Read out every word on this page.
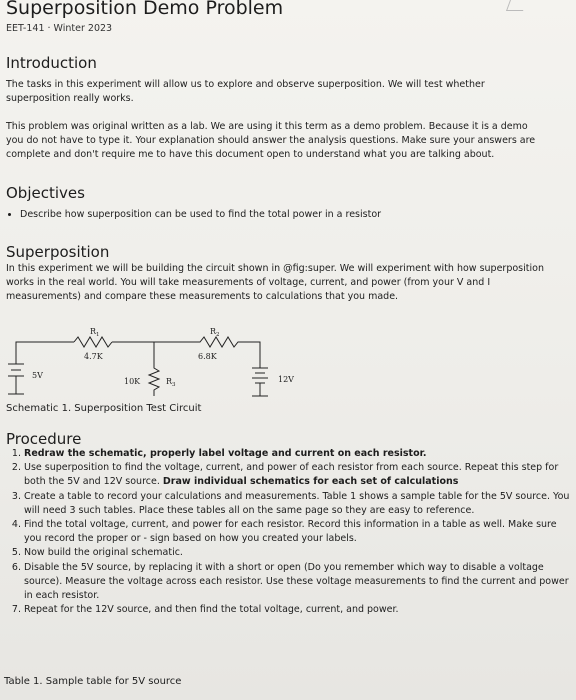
Superposition Demo Problem
EET-141 · Winter 2023
Introduction

The tasks in this experiment will allow us to explore and observe superposition. We will test whether superposition really works.

This problem was original written as a lab. We are using it this term as a demo problem. Because it is a demo you do not have to type it. Your explanation should answer the analysis questions. Make sure your answers are complete and don't require me to have this document open to understand what you are talking about.

Objectives
• Describe how superposition can be used to find the total power in a resistor
Superposition

In this experiment we will be building the circuit shown in @fig:super. We will experiment with how superposition works in the real world. You will take measurements of voltage, current, and power (from your V and I measurements) and compare these measurements to calculations that you made.

$R_1$
4.7K
$R_2$
6.8K
10K	$R_3$
5V	12V
Schematic 1. Superposition Test Circuit
Procedure
1. Redraw the schematic, properly label voltage and current on each resistor.
2. Use superposition to find the voltage, current, and power of each resistor from each source. Repeat this step for both the 5V and 12V source. Draw individual schematics for each set of calculations
3. Create a table to record your calculations and measurements. Table 1 shows a sample table for the 5V source. You will need 3 such tables. Place these tables all on the same page so they are easy to reference.
4. Find the total voltage, current, and power for each resistor. Record this information in a table as well. Make sure you record the proper or - sign based on how you created your labels.
5. Now build the original schematic.
6. Disable the 5V source, by replacing it with a short or open (Do you remember which way to disable a voltage source). Measure the voltage across each resistor. Use these voltage measurements to find the current and power in each resistor.
7. Repeat for the 12V source, and then find the total voltage, current, and power.
Table 1. Sample table for 5V source
